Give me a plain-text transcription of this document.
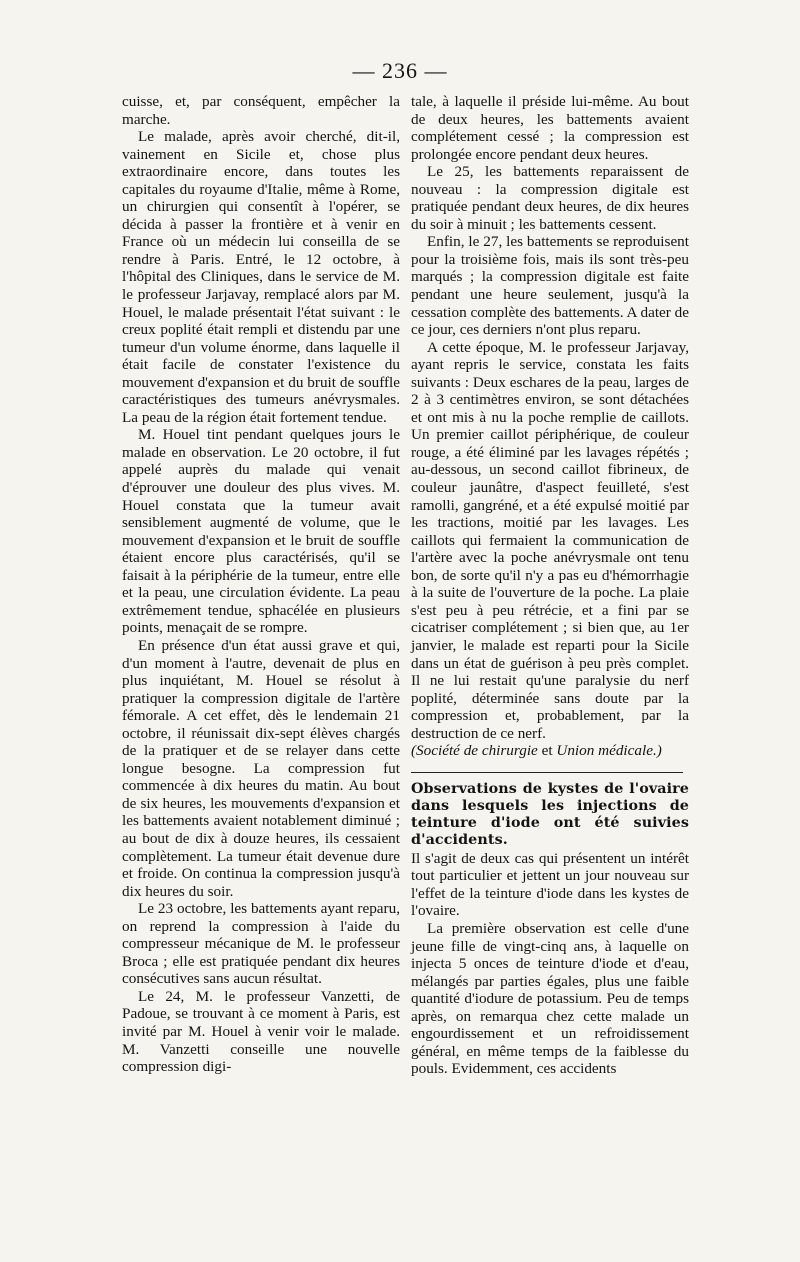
— 236 —

cuisse, et, par conséquent, empêcher la marche.

Le malade, après avoir cherché, dit-il, vainement en Sicile et, chose plus extraordinaire encore, dans toutes les capitales du royaume d'Italie, même à Rome, un chirurgien qui consentît à l'opérer, se décida à passer la frontière et à venir en France où un médecin lui conseilla de se rendre à Paris. Entré, le 12 octobre, à l'hôpital des Cliniques, dans le service de M. le professeur Jarjavay, remplacé alors par M. Houel, le malade présentait l'état suivant : le creux poplité était rempli et distendu par une tumeur d'un volume énorme, dans laquelle il était facile de constater l'existence du mouvement d'expansion et du bruit de souffle caractéristiques des tumeurs anévrysmales. La peau de la région était fortement tendue.

M. Houel tint pendant quelques jours le malade en observation. Le 20 octobre, il fut appelé auprès du malade qui venait d'éprouver une douleur des plus vives. M. Houel constata que la tumeur avait sensiblement augmenté de volume, que le mouvement d'expansion et le bruit de souffle étaient encore plus caractérisés, qu'il se faisait à la périphérie de la tumeur, entre elle et la peau, une circulation évidente. La peau extrêmement tendue, sphacélée en plusieurs points, menaçait de se rompre.

En présence d'un état aussi grave et qui, d'un moment à l'autre, devenait de plus en plus inquiétant, M. Houel se résolut à pratiquer la compression digitale de l'artère fémorale. A cet effet, dès le lendemain 21 octobre, il réunissait dix-sept élèves chargés de la pratiquer et de se relayer dans cette longue besogne. La compression fut commencée à dix heures du matin. Au bout de six heures, les mouvements d'expansion et les battements avaient notablement diminué ; au bout de dix à douze heures, ils cessaient complètement. La tumeur était devenue dure et froide. On continua la compression jusqu'à dix heures du soir.

Le 23 octobre, les battements ayant reparu, on reprend la compression à l'aide du compresseur mécanique de M. le professeur Broca ; elle est pratiquée pendant dix heures consécutives sans aucun résultat.

Le 24, M. le professeur Vanzetti, de Padoue, se trouvant à ce moment à Paris, est invité par M. Houel à venir voir le malade. M. Vanzetti conseille une nouvelle compression digi-

tale, à laquelle il préside lui-même. Au bout de deux heures, les battements avaient complétement cessé ; la compression est prolongée encore pendant deux heures.

Le 25, les battements reparaissent de nouveau : la compression digitale est pratiquée pendant deux heures, de dix heures du soir à minuit ; les battements cessent.

Enfin, le 27, les battements se reproduisent pour la troisième fois, mais ils sont très-peu marqués ; la compression digitale est faite pendant une heure seulement, jusqu'à la cessation complète des battements. A dater de ce jour, ces derniers n'ont plus reparu.

A cette époque, M. le professeur Jarjavay, ayant repris le service, constata les faits suivants : Deux eschares de la peau, larges de 2 à 3 centimètres environ, se sont détachées et ont mis à nu la poche remplie de caillots. Un premier caillot périphérique, de couleur rouge, a été éliminé par les lavages répétés ; au-dessous, un second caillot fibrineux, de couleur jaunâtre, d'aspect feuilleté, s'est ramolli, gangréné, et a été expulsé moitié par les tractions, moitié par les lavages. Les caillots qui fermaient la communication de l'artère avec la poche anévrysmale ont tenu bon, de sorte qu'il n'y a pas eu d'hémorrhagie à la suite de l'ouverture de la poche. La plaie s'est peu à peu rétrécie, et a fini par se cicatriser complétement ; si bien que, au 1er janvier, le malade est reparti pour la Sicile dans un état de guérison à peu près complet. Il ne lui restait qu'une paralysie du nerf poplité, déterminée sans doute par la compression et, probablement, par la destruction de ce nerf.
(Société de chirurgie et Union médicale.)

Observations de kystes de l'ovaire dans lesquels les injections de teinture d'iode ont été suivies d'accidents.

Il s'agit de deux cas qui présentent un intérêt tout particulier et jettent un jour nouveau sur l'effet de la teinture d'iode dans les kystes de l'ovaire.

La première observation est celle d'une jeune fille de vingt-cinq ans, à laquelle on injecta 5 onces de teinture d'iode et d'eau, mélangés par parties égales, plus une faible quantité d'iodure de potassium. Peu de temps après, on remarqua chez cette malade un engourdissement et un refroidissement général, en même temps de la faiblesse du pouls. Evidemment, ces accidents
